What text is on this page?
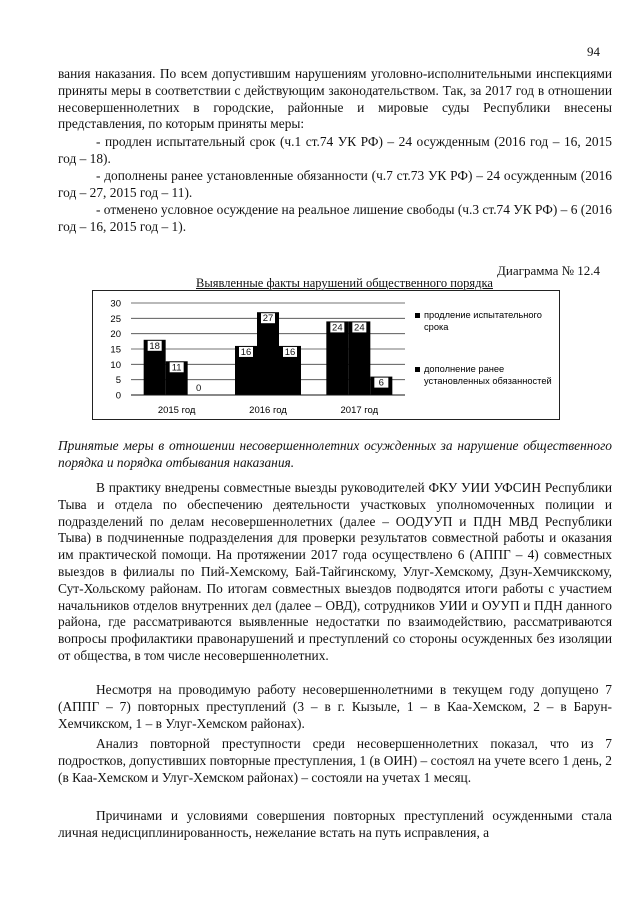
94

вания наказания. По всем допустившим нарушениям уголовно-исполнительными инспекциями приняты меры в соответствии с действующим законодательством. Так, за 2017 год в отношении несовершеннолетних в городские, районные и мировые суды Республики внесены представления, по которым приняты меры:

- продлен испытательный срок (ч.1 ст.74 УК РФ) – 24 осужденным (2016 год – 16, 2015 год – 18).

- дополнены ранее установленные обязанности (ч.7 ст.73 УК РФ) – 24 осужденным (2016 год – 27, 2015 год – 11).

- отменено условное осуждение на реальное лишение свободы (ч.3 ст.74 УК РФ) – 6 (2016 год – 16, 2015 год – 1).

Диаграмма № 12.4
Выявленные факты нарушений общественного порядка
0
5
10
15
20
25
30
18
11
0
2015 год
16
27
16
2016 год
24 24
6
2017 год
продление испытательного срока
дополнение ранее установленных обязанностей
Принятые меры в отношении несовершеннолетних осужденных за нарушение общественного порядка и порядка отбывания наказания.

В практику внедрены совместные выезды руководителей ФКУ УИИ УФСИН Республики Тыва и отдела по обеспечению деятельности участковых уполномоченных полиции и подразделений по делам несовершеннолетних (далее – ООДУУП и ПДН МВД Республики Тыва) в подчиненные подразделения для проверки результатов совместной работы и оказания им практической помощи. На протяжении 2017 года осуществлено 6 (АППГ – 4) совместных выездов в филиалы по Пий-Хемскому, Бай-Тайгинскому, Улуг-Хемскому, Дзун-Хемчикскому, Сут-Хольскому районам. По итогам совместных выездов подводятся итоги работы с участием начальников отделов внутренних дел (далее – ОВД), сотрудников УИИ и ОУУП и ПДН данного района, где рассматриваются выявленные недостатки по взаимодействию, рассматриваются вопросы профилактики правонарушений и преступлений со стороны осужденных без изоляции от общества, в том числе несовершеннолетних.

Несмотря на проводимую работу несовершеннолетними в текущем году допущено 7 (АППГ – 7) повторных преступлений (3 – в г. Кызыле, 1 – в Каа-Хемском, 2 – в Барун-Хемчикском, 1 – в Улуг-Хемском районах).

Анализ повторной преступности среди несовершеннолетних показал, что из 7 подростков, допустивших повторные преступления, 1 (в ОИН) – состоял на учете всего 1 день, 2 (в Каа-Хемском и Улуг-Хемском районах) – состояли на учетах 1 месяц.

Причинами и условиями совершения повторных преступлений осужденными стала личная недисциплинированность, нежелание встать на путь исправления, а
